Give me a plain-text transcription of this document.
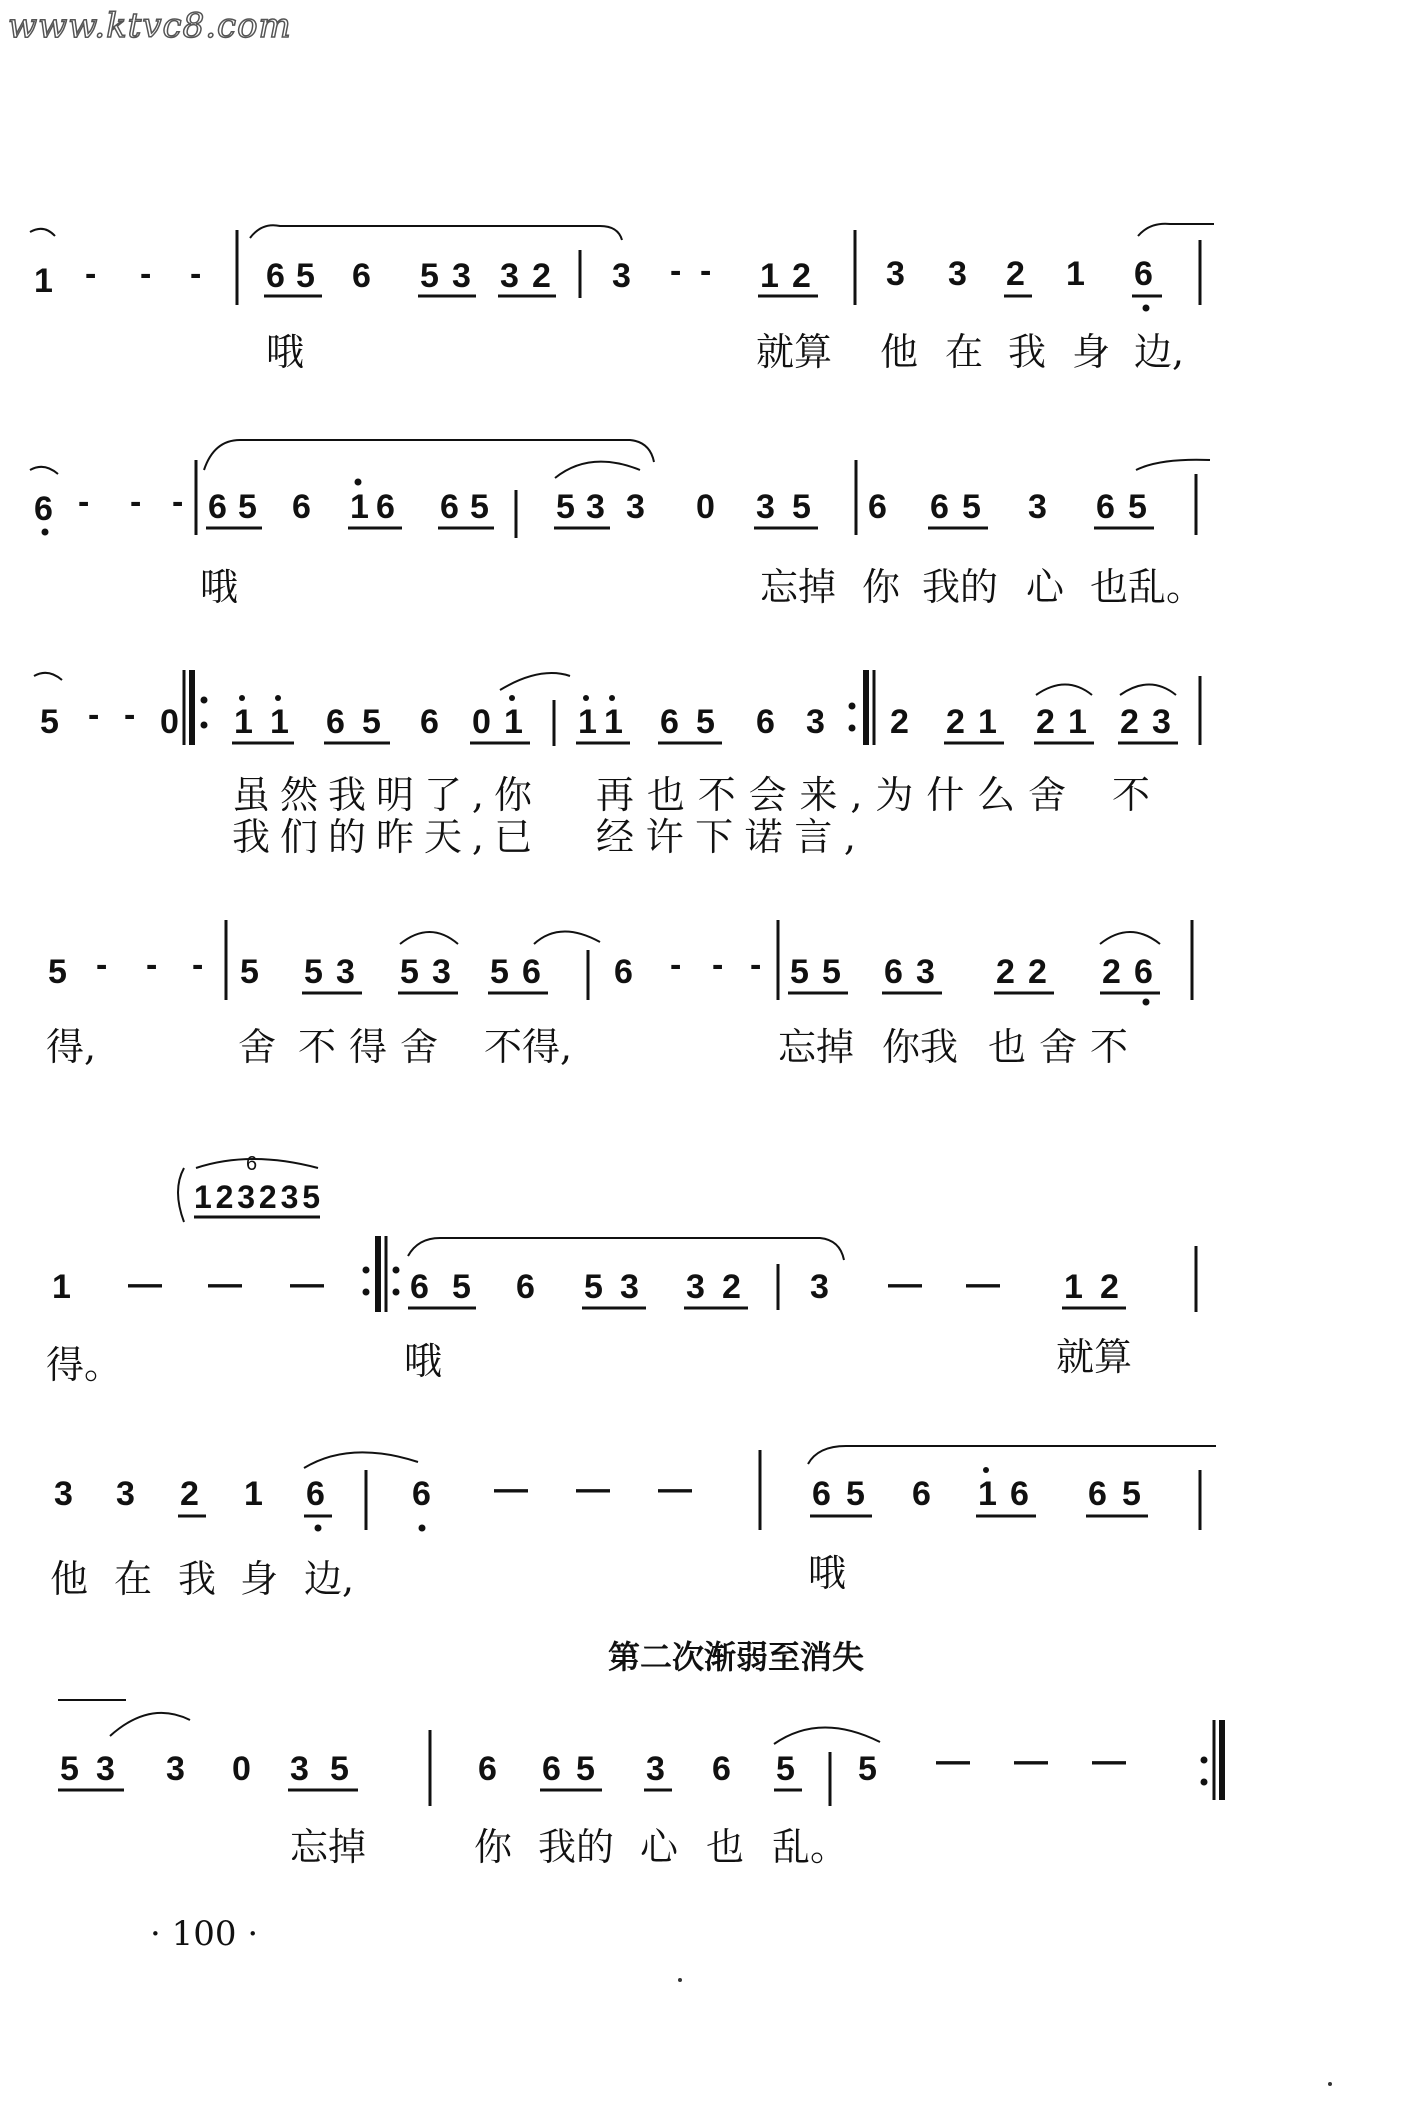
www.ktvc8.com
1 - - - 6 5 6 5 3 3 2 3 - - 1 2 3 3 2 1 6
哦	就算 他 在 我 身 边,
6 - - - 6 5 6 1 6 6 5 5 3 3 0 3 5 6 6 5 3 6 5
哦	忘掉 你 我的 心 也乱。
5 - - 0 1 1 6 5 6 0 1 1 1 6 5 6 3 2 2 1 2 1 2 3
虽然我明了,你 再也不会来,为什么舍 不
我们的昨天,已 经许下诺言,
5 - - - 5 5 3 5 3 5 6 6 - - - 5 5 6 3 2 2 2 6
得,	舍 不得舍 不得,	忘掉 你我 也舍不
6
123235
1 — — —	6 5 6 5 3 3 2 3 — — 1 2
得。	哦	就算
3 3 2 1 6	6 — — —	6 5 6 1 6 6 5
他 在 我 身 边,	哦
第二次渐弱至消失
5 3 3 0 3 5	6 6 5 3 6 5 5 — — —
忘掉	你 我的 心 也 乱。
· 100 ·
